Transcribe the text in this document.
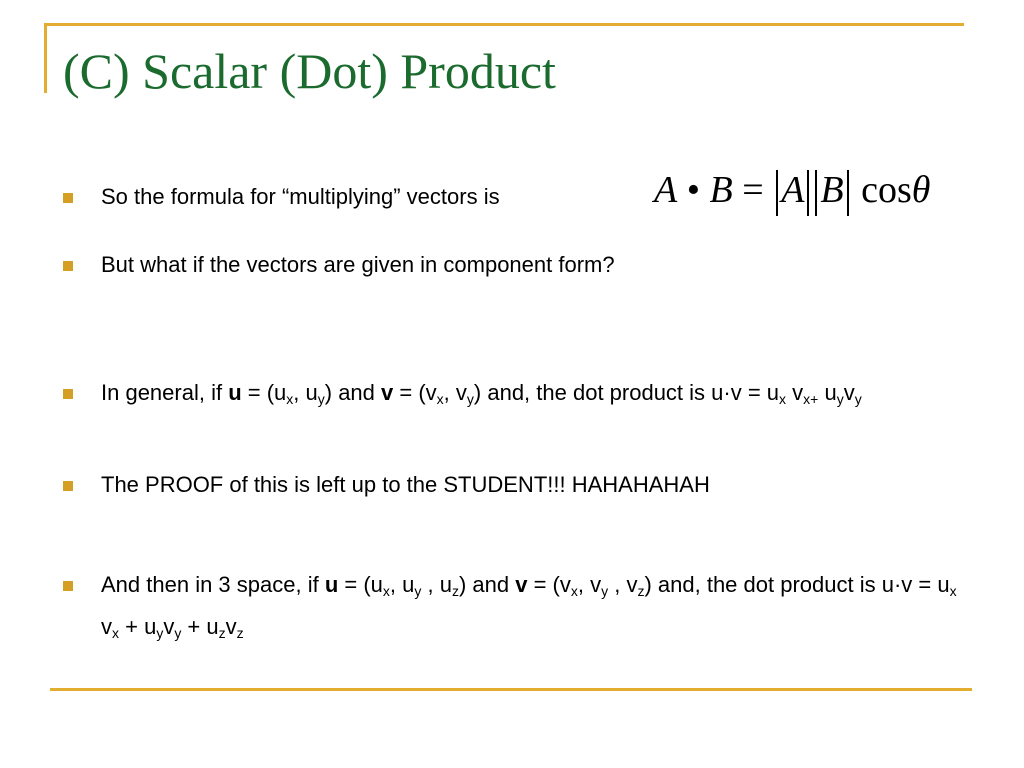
(C) Scalar (Dot) Product
A • B = A B cosθ
So the formula for “multiplying” vectors is
But what if the vectors are given in component form?
In general, if $u = (u_x$, $u_y$) and $v = (v_x$, $v_y$) and, the dot product is $u\cdot v = u_x$ $v_{x+}$ $u_yv_y$
The PROOF of this is left up to the STUDENT!!! HAHAHAHAH
And then in 3 space, if $u = (u_x$, $u_y$ , $u_z$) and $v = (v_x$, $v_y$ , $v_z$) and, the dot product is $u\cdot v = u_x$ $v_x + u_yv_y + u_zv_z$
